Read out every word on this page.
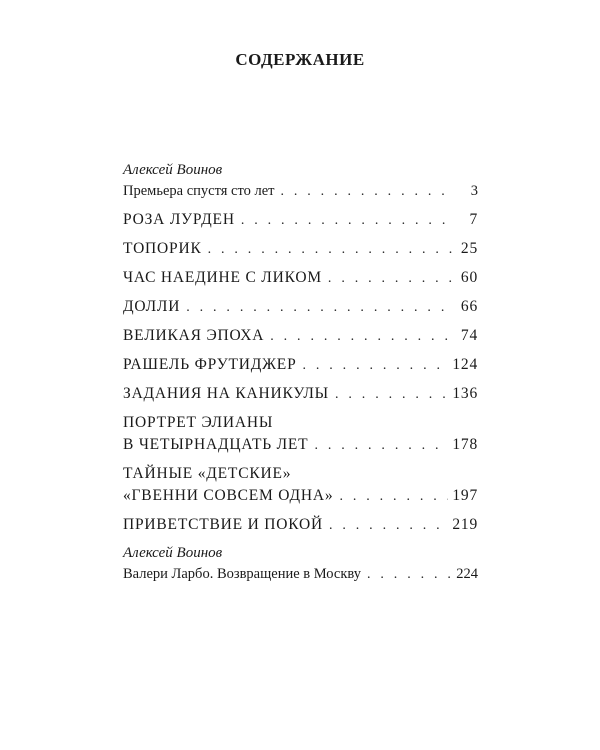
СОДЕРЖАНИЕ
Алексей Воинов
Премьера спустя сто лет . . .	3
РОЗА ЛУРДЕН . . .	7
ТОПОРИК . . .	25
ЧАС НАЕДИНЕ С ЛИКОМ . . .	60
ДОЛЛИ . . .	66
ВЕЛИКАЯ ЭПОХА . . .	74
РАШЕЛЬ ФРУТИДЖЕР . . .	124
ЗАДАНИЯ НА КАНИКУЛЫ . . .	136
ПОРТРЕТ ЭЛИАНЫ
В ЧЕТЫРНАДЦАТЬ ЛЕТ . . .	178
ТАЙНЫЕ «ДЕТСКИЕ»
«ГВЕННИ СОВСЕМ ОДНА» . . .	197
ПРИВЕТСТВИЕ И ПОКОЙ . . .	219
Алексей Воинов
Валери Ларбо. Возвращение в Москву . . .	224
